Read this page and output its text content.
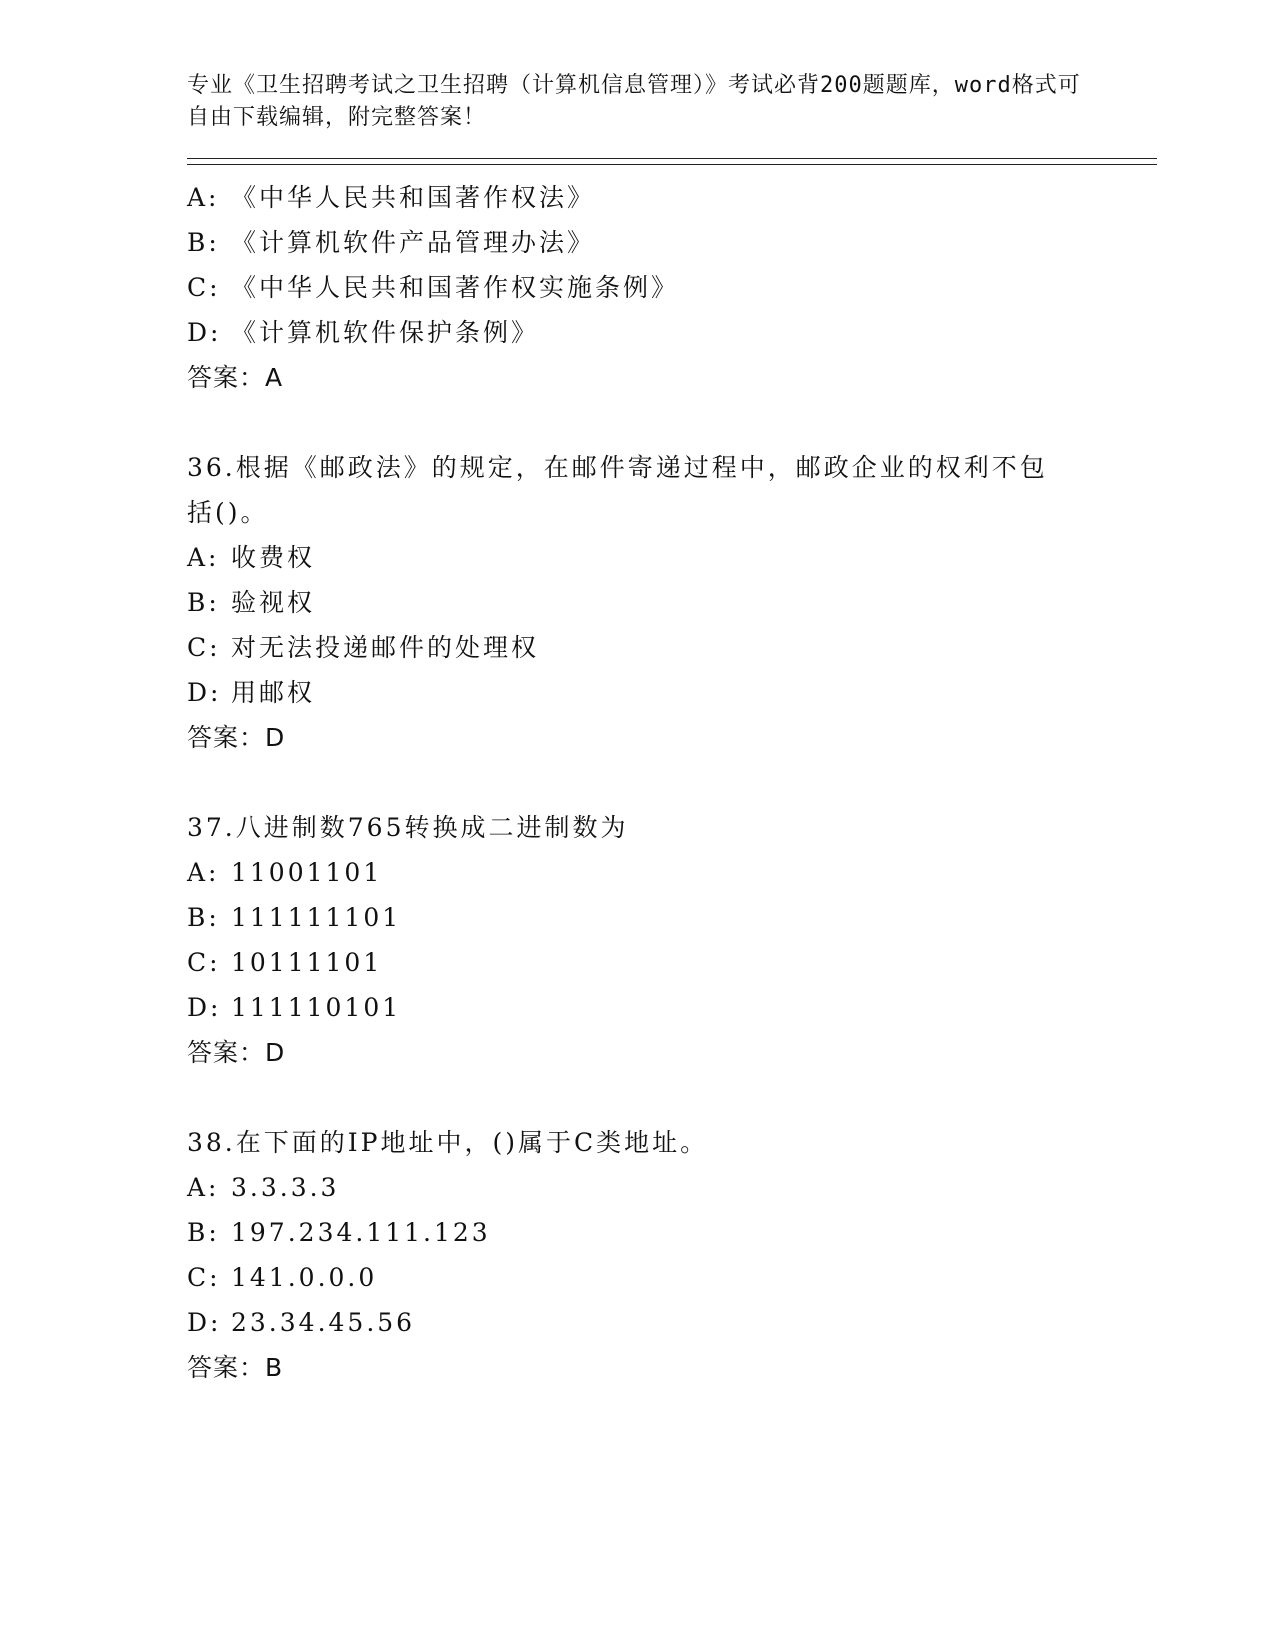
专业《卫生招聘考试之卫生招聘（计算机信息管理）》考试必背200题题库，word格式可自由下载编辑，附完整答案！
A: 《中华人民共和国著作权法》
B: 《计算机软件产品管理办法》
C: 《中华人民共和国著作权实施条例》
D: 《计算机软件保护条例》
答案：A
36.根据《邮政法》的规定，在邮件寄递过程中，邮政企业的权利不包括()。
A: 收费权
B: 验视权
C: 对无法投递邮件的处理权
D: 用邮权
答案：D
37.八进制数765转换成二进制数为
A: 11001101
B: 111111101
C: 10111101
D: 111110101
答案：D
38.在下面的IP地址中，()属于C类地址。
A: 3.3.3.3
B: 197.234.111.123
C: 141.0.0.0
D: 23.34.45.56
答案：B
